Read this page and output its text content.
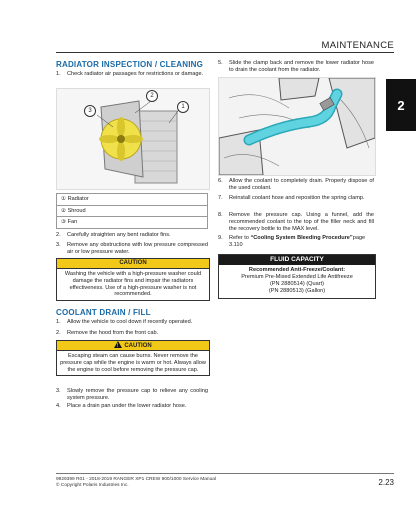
MAINTENANCE
2
RADIATOR INSPECTION / CLEANING
1.	Check radiator air passages for restrictions or damage.
2
3
1
① Radiator
② Shroud
③ Fan
2.	Carefully straighten any bent radiator fins.
3.	Remove any obstructions with low pressure compressed air or low pressure water.
CAUTION
Washing the vehicle with a high-pressure washer could damage the radiator fins and impair the radiators effectiveness. Use of a high-pressure washer is not recommended.
COOLANT DRAIN / FILL
1.	Allow the vehicle to cool down if recently operated.
2.	Remove the hood from the front cab.
!CAUTION
Escaping steam can cause burns. Never remove the pressure cap while the engine is warm or hot. Always allow the engine to cool before removing the pressure cap.
3.	Slowly remove the pressure cap to relieve any cooling system pressure.
4.	Place a drain pan under the lower radiator hose.
5.	Slide the clamp back and remove the lower radiator hose to drain the coolant from the radiator.
6.	Allow the coolant to completely drain. Properly dispose of the used coolant.
7.	Reinstall coolant hose and reposition the spring clamp.
8.	Remove the pressure cap. Using a funnel, add the recommended coolant to the top of the filler neck and fill the recovery bottle to the MAX level.
9.	Refer to “Cooling System Bleeding Procedure”page 3.110
FLUID CAPACITY
Recommended Anti-Freeze/Coolant:
Premium Pre-Mixed Extended Life Antifreeze
(PN 2880514) (Quart)
(PN 2880513) (Gallon)
9929399 R01 - 2018-2019 RANGER XP1 CREW 900/1000 Service Manual
© Copyright Polaris Industries Inc.	2.23
